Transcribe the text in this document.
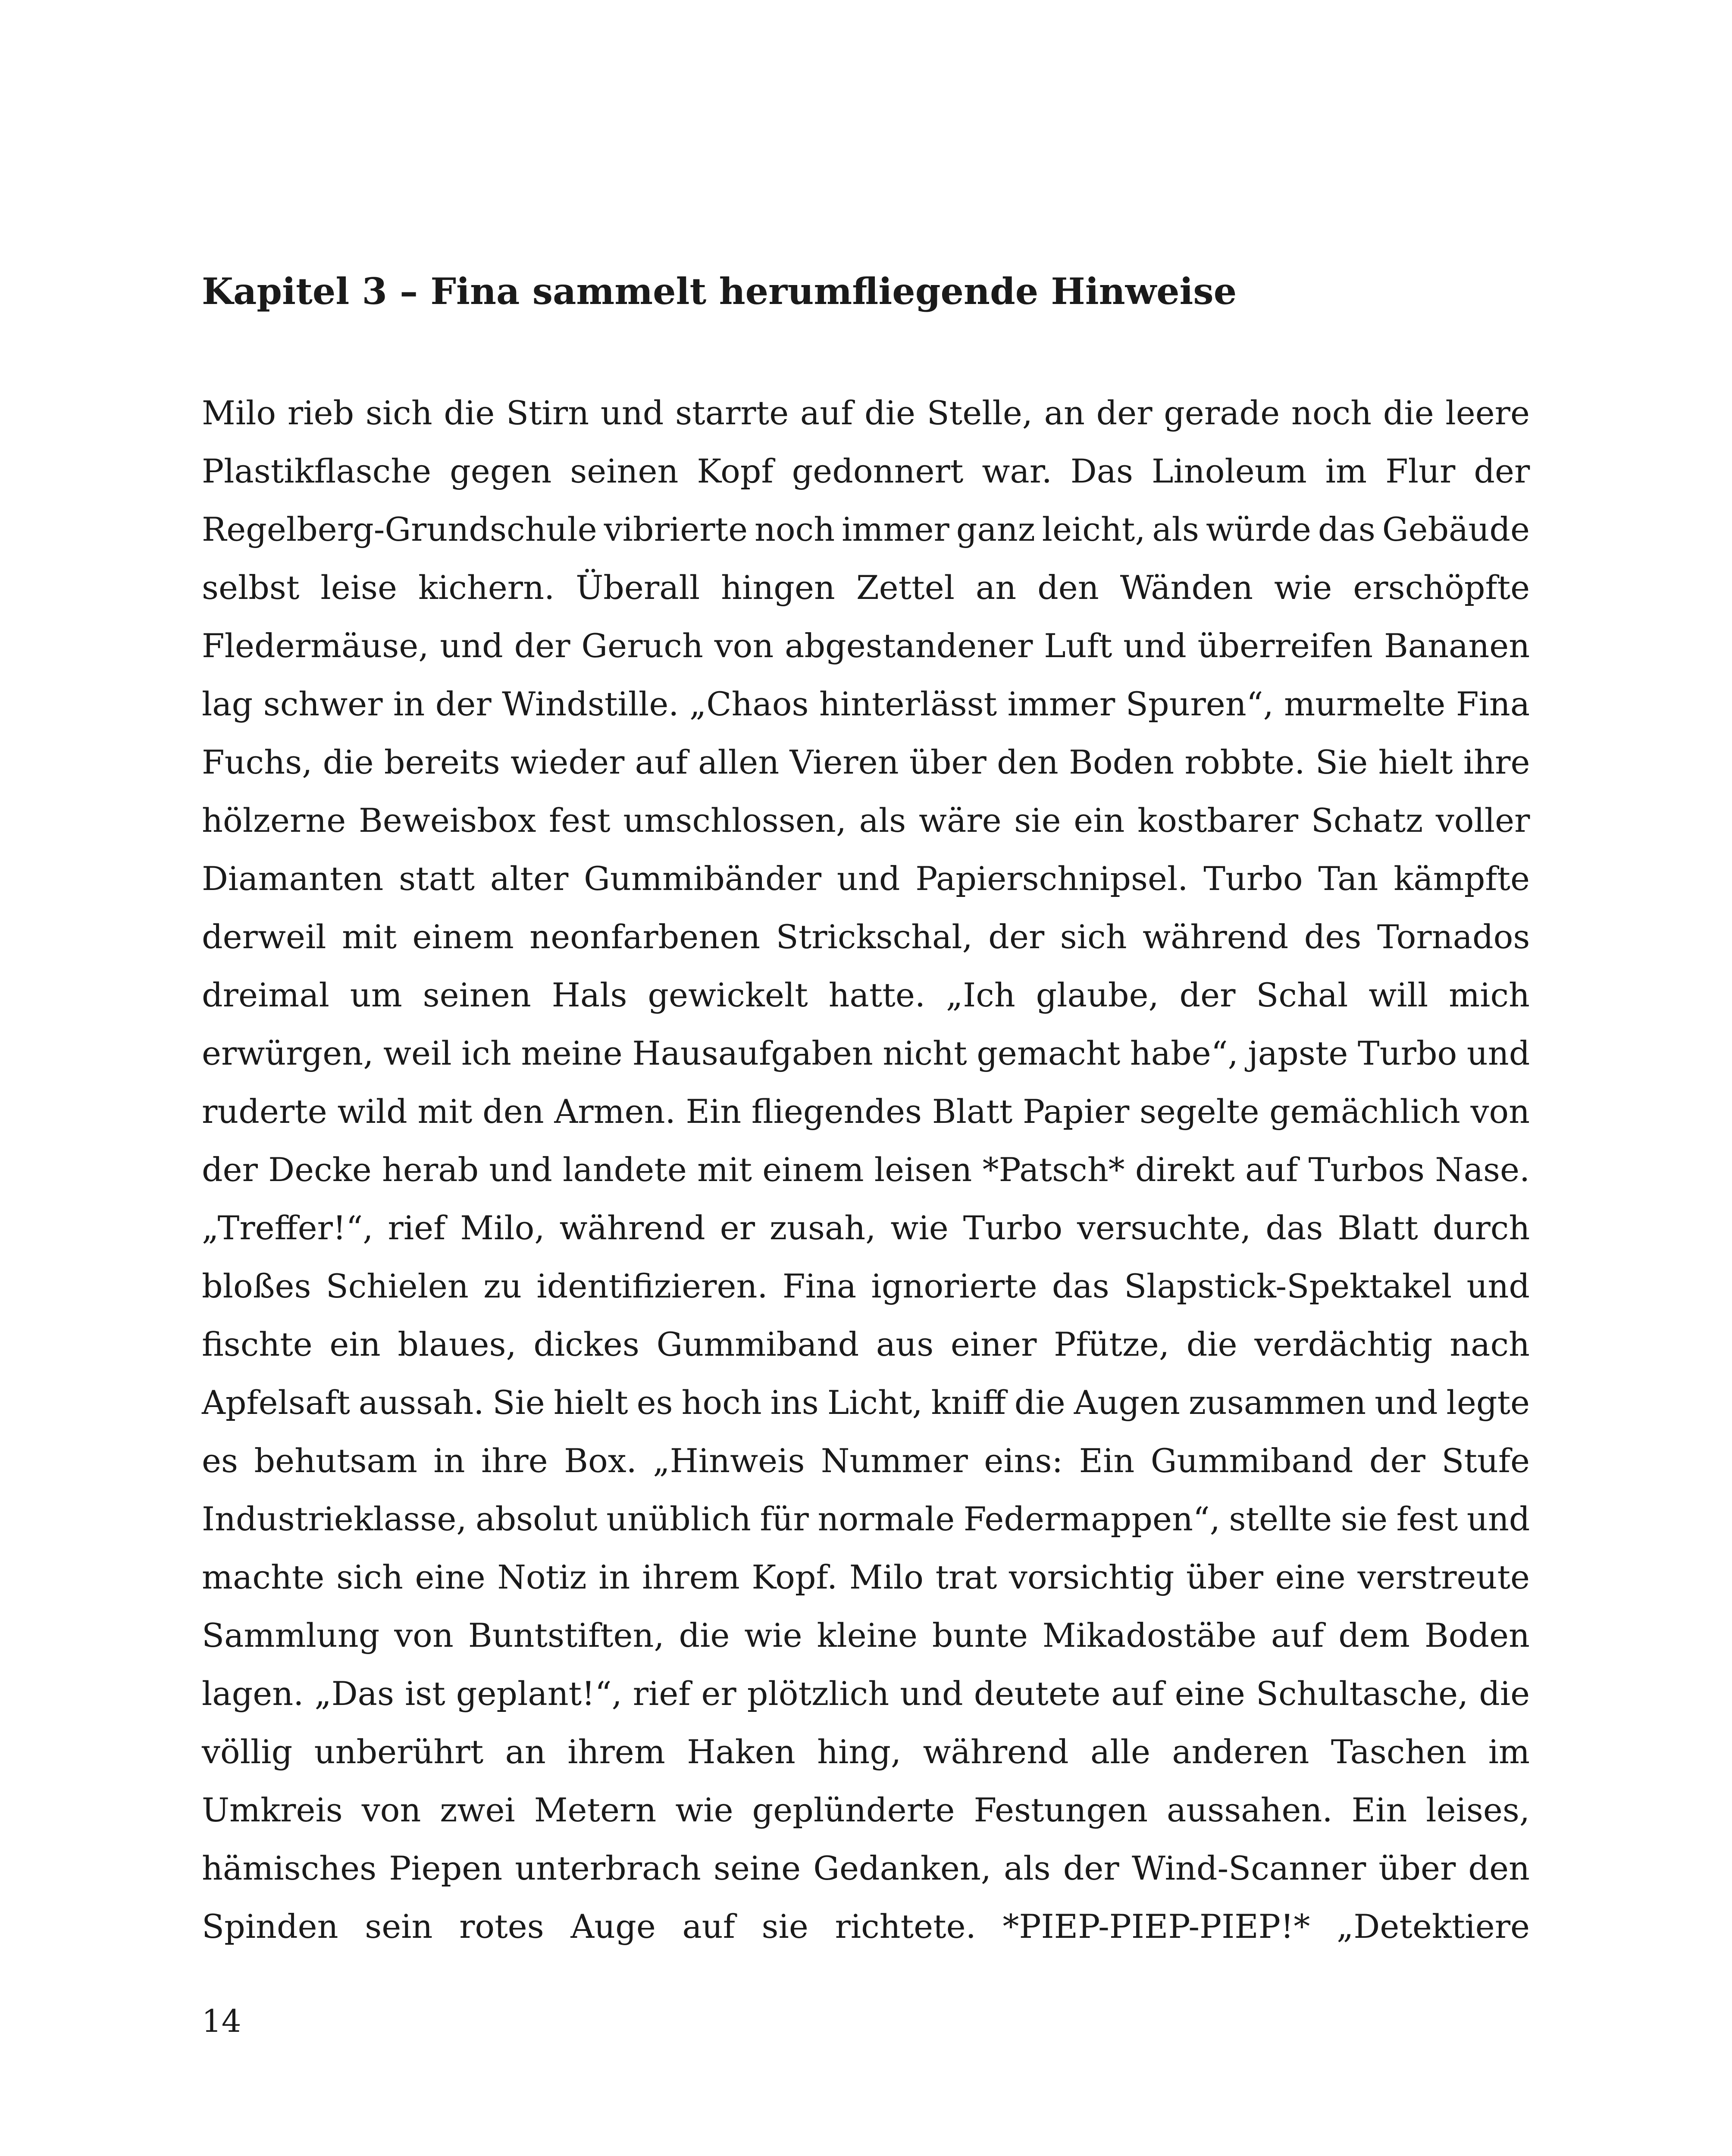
Kapitel 3 – Fina sammelt herumfliegende Hinweise
Milo rieb sich die Stirn und starrte auf die Stelle, an der gerade noch die leere
Plastikflasche gegen seinen Kopf gedonnert war. Das Linoleum im Flur der
Regelberg-Grundschule vibrierte noch immer ganz leicht, als würde das Gebäude
selbst leise kichern. Überall hingen Zettel an den Wänden wie erschöpfte
Fledermäuse, und der Geruch von abgestandener Luft und überreifen Bananen
lag schwer in der Windstille. „Chaos hinterlässt immer Spuren“, murmelte Fina
Fuchs, die bereits wieder auf allen Vieren über den Boden robbte. Sie hielt ihre
hölzerne Beweisbox fest umschlossen, als wäre sie ein kostbarer Schatz voller
Diamanten statt alter Gummibänder und Papierschnipsel. Turbo Tan kämpfte
derweil mit einem neonfarbenen Strickschal, der sich während des Tornados
dreimal um seinen Hals gewickelt hatte. „Ich glaube, der Schal will mich
erwürgen, weil ich meine Hausaufgaben nicht gemacht habe“, japste Turbo und
ruderte wild mit den Armen. Ein fliegendes Blatt Papier segelte gemächlich von
der Decke herab und landete mit einem leisen *Patsch* direkt auf Turbos Nase.
„Treffer!“, rief Milo, während er zusah, wie Turbo versuchte, das Blatt durch
bloßes Schielen zu identifizieren. Fina ignorierte das Slapstick-Spektakel und
fischte ein blaues, dickes Gummiband aus einer Pfütze, die verdächtig nach
Apfelsaft aussah. Sie hielt es hoch ins Licht, kniff die Augen zusammen und legte
es behutsam in ihre Box. „Hinweis Nummer eins: Ein Gummiband der Stufe
Industrieklasse, absolut unüblich für normale Federmappen“, stellte sie fest und
machte sich eine Notiz in ihrem Kopf. Milo trat vorsichtig über eine verstreute
Sammlung von Buntstiften, die wie kleine bunte Mikadostäbe auf dem Boden
lagen. „Das ist geplant!“, rief er plötzlich und deutete auf eine Schultasche, die
völlig unberührt an ihrem Haken hing, während alle anderen Taschen im
Umkreis von zwei Metern wie geplünderte Festungen aussahen. Ein leises,
hämisches Piepen unterbrach seine Gedanken, als der Wind-Scanner über den
Spinden sein rotes Auge auf sie richtete. *PIEP-PIEP-PIEP!* „Detektiere
14
